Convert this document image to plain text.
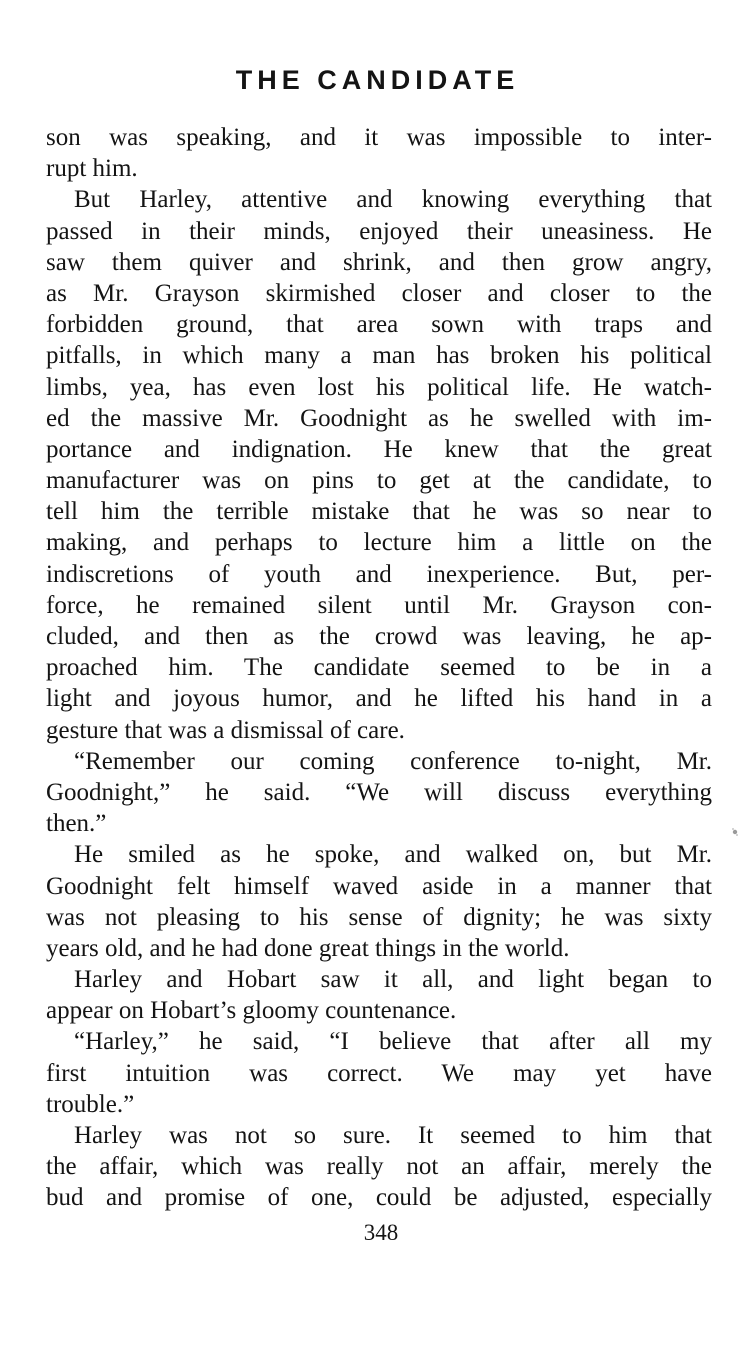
THE CANDIDATE
son was speaking, and it was impossible to inter-
rupt him.
But Harley, attentive and knowing everything that
passed in their minds, enjoyed their uneasiness. He
saw them quiver and shrink, and then grow angry,
as Mr. Grayson skirmished closer and closer to the
forbidden ground, that area sown with traps and
pitfalls, in which many a man has broken his political
limbs, yea, has even lost his political life. He watch-
ed the massive Mr. Goodnight as he swelled with im-
portance and indignation. He knew that the great
manufacturer was on pins to get at the candidate, to
tell him the terrible mistake that he was so near to
making, and perhaps to lecture him a little on the
indiscretions of youth and inexperience. But, per-
force, he remained silent until Mr. Grayson con-
cluded, and then as the crowd was leaving, he ap-
proached him. The candidate seemed to be in a
light and joyous humor, and he lifted his hand in a
gesture that was a dismissal of care.
“Remember our coming conference to-night, Mr.
Goodnight,” he said. “We will discuss everything
then.”
He smiled as he spoke, and walked on, but Mr.
Goodnight felt himself waved aside in a manner that
was not pleasing to his sense of dignity; he was sixty
years old, and he had done great things in the world.
Harley and Hobart saw it all, and light began to
appear on Hobart’s gloomy countenance.
“Harley,” he said, “I believe that after all my
first intuition was correct. We may yet have
trouble.”
Harley was not so sure. It seemed to him that
the affair, which was really not an affair, merely the
bud and promise of one, could be adjusted, especially
348
